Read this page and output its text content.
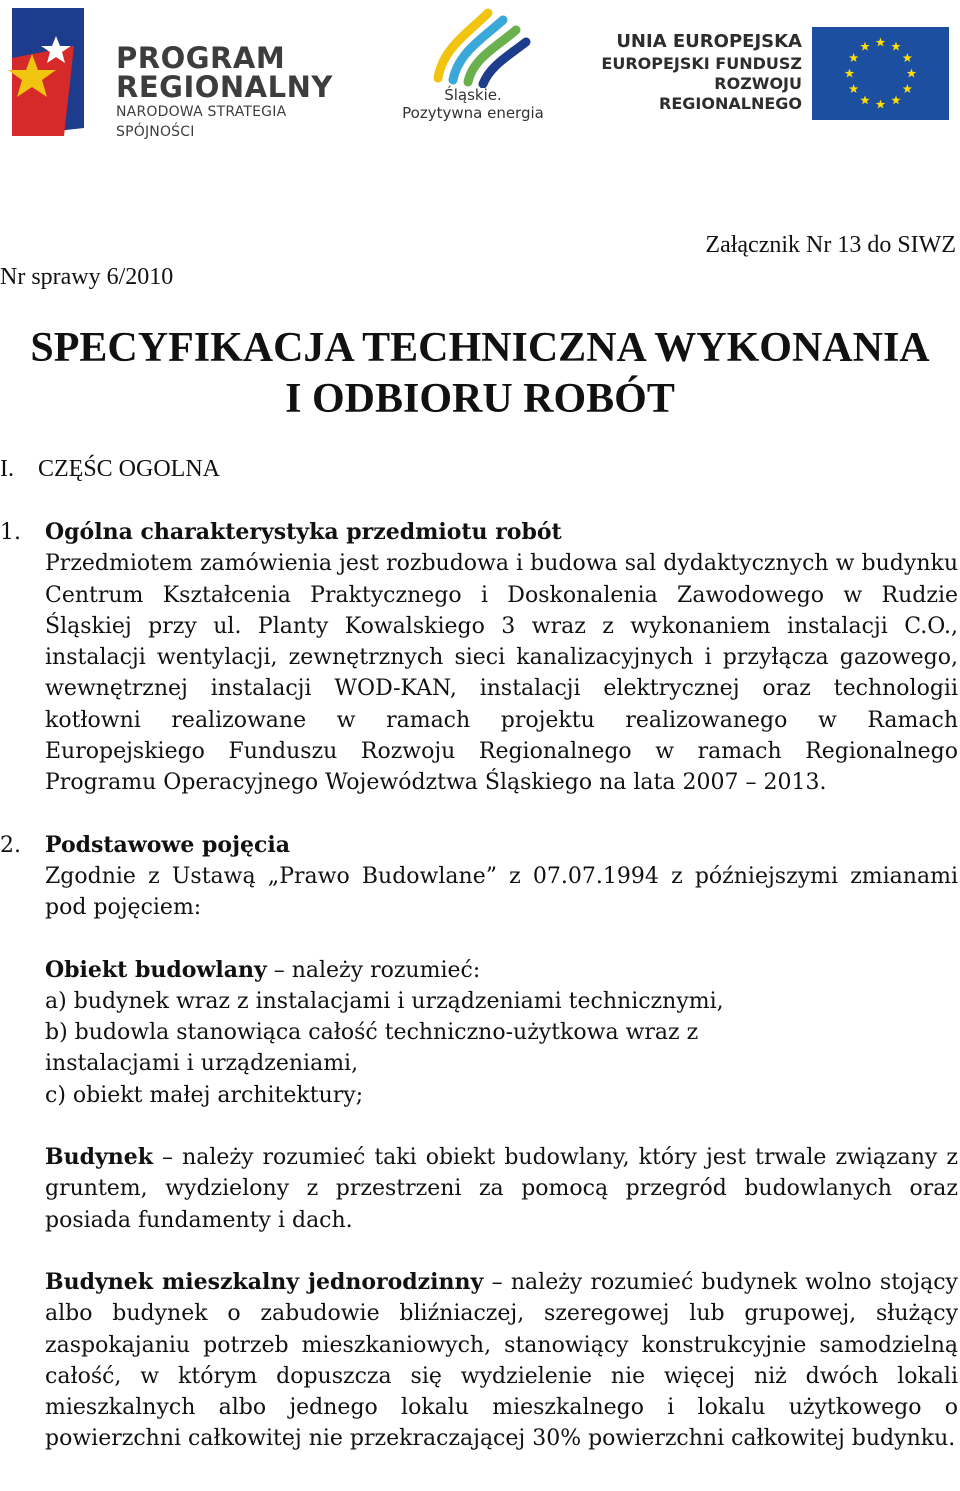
PROGRAM
REGIONALNY
NARODOWA STRATEGIA SPÓJNOŚCI
Śląskie.
Pozytywna energia
UNIA EUROPEJSKA
EUROPEJSKI FUNDUSZ
ROZWOJU REGIONALNEGO
Załącznik Nr 13 do SIWZ
Nr sprawy 6/2010
SPECYFIKACJA TECHNICZNA WYKONANIA
I ODBIORU ROBÓT
I. CZĘŚC OGOLNA
1. Ogólna charakterystyka przedmiotu robót
Przedmiotem zamówienia jest rozbudowa i budowa sal dydaktycznych w budynku Centrum Kształcenia Praktycznego i Doskonalenia Zawodowego w Rudzie Śląskiej przy ul. Planty Kowalskiego 3 wraz z wykonaniem instalacji C.O., instalacji wentylacji, zewnętrznych sieci kanalizacyjnych i przyłącza gazowego, wewnętrznej instalacji WOD-KAN, instalacji elektrycznej oraz technologii kotłowni realizowane w ramach projektu realizowanego w Ramach Europejskiego Funduszu Rozwoju Regionalnego w ramach Regionalnego Programu Operacyjnego Województwa Śląskiego na lata 2007 – 2013.
2. Podstawowe pojęcia
Zgodnie z Ustawą „Prawo Budowlane” z 07.07.1994 z późniejszymi zmianami pod pojęciem:
Obiekt budowlany – należy rozumieć:
a) budynek wraz z instalacjami i urządzeniami technicznymi,
b) budowla stanowiąca całość techniczno-użytkowa wraz z
instalacjami i urządzeniami,
c) obiekt małej architektury;
Budynek – należy rozumieć taki obiekt budowlany, który jest trwale związany z gruntem, wydzielony z przestrzeni za pomocą przegród budowlanych oraz posiada fundamenty i dach.
Budynek mieszkalny jednorodzinny – należy rozumieć budynek wolno stojący albo budynek o zabudowie bliźniaczej, szeregowej lub grupowej, służący zaspokajaniu potrzeb mieszkaniowych, stanowiący konstrukcyjnie samodzielną całość, w którym dopuszcza się wydzielenie nie więcej niż dwóch lokali mieszkalnych albo jednego lokalu mieszkalnego i lokalu użytkowego o powierzchni całkowitej nie przekraczającej 30% powierzchni całkowitej budynku.
